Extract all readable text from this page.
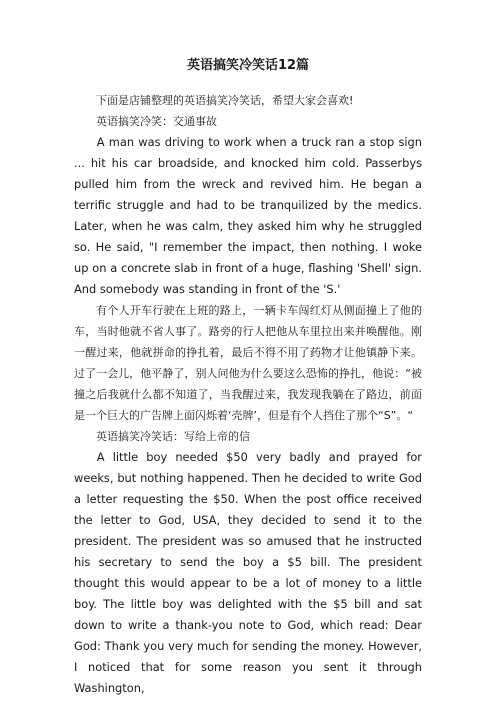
英语搞笑冷笑话12篇

下面是店铺整理的英语搞笑冷笑话，希望大家会喜欢!

英语搞笑冷笑：交通事故

A man was driving to work when a truck ran a stop sign ... hit his car broadside, and knocked him cold. Passerbys pulled him from the wreck and revived him. He began a terrific struggle and had to be tranquilized by the medics. Later, when he was calm, they asked him why he struggled so. He said, "I remember the impact, then nothing. I woke up on a concrete slab in front of a huge, flashing 'Shell' sign. And somebody was standing in front of the 'S.'

有个人开车行驶在上班的路上，一辆卡车闯红灯从侧面撞上了他的车，当时他就不省人事了。路旁的行人把他从车里拉出来并唤醒他。刚一醒过来，他就拼命的挣扎着，最后不得不用了药物才让他镇静下来。过了一会儿，他平静了，别人问他为什么要这么恐怖的挣扎，他说：“被撞之后我就什么都不知道了，当我醒过来，我发现我躺在了路边，前面是一个巨大的广告牌上面闪烁着‘壳牌’，但是有个人挡住了那个“S”。“

英语搞笑冷笑话：写给上帝的信

A little boy needed $50 very badly and prayed for weeks, but nothing happened. Then he decided to write God a letter requesting the $50. When the post office received the letter to God, USA, they decided to send it to the president. The president was so amused that he instructed his secretary to send the boy a $5 bill. The president thought this would appear to be a lot of money to a little boy. The little boy was delighted with the $5 bill and sat down to write a thank-you note to God, which read: Dear God: Thank you very much for sending the money. However, I noticed that for some reason you sent it through Washington,
